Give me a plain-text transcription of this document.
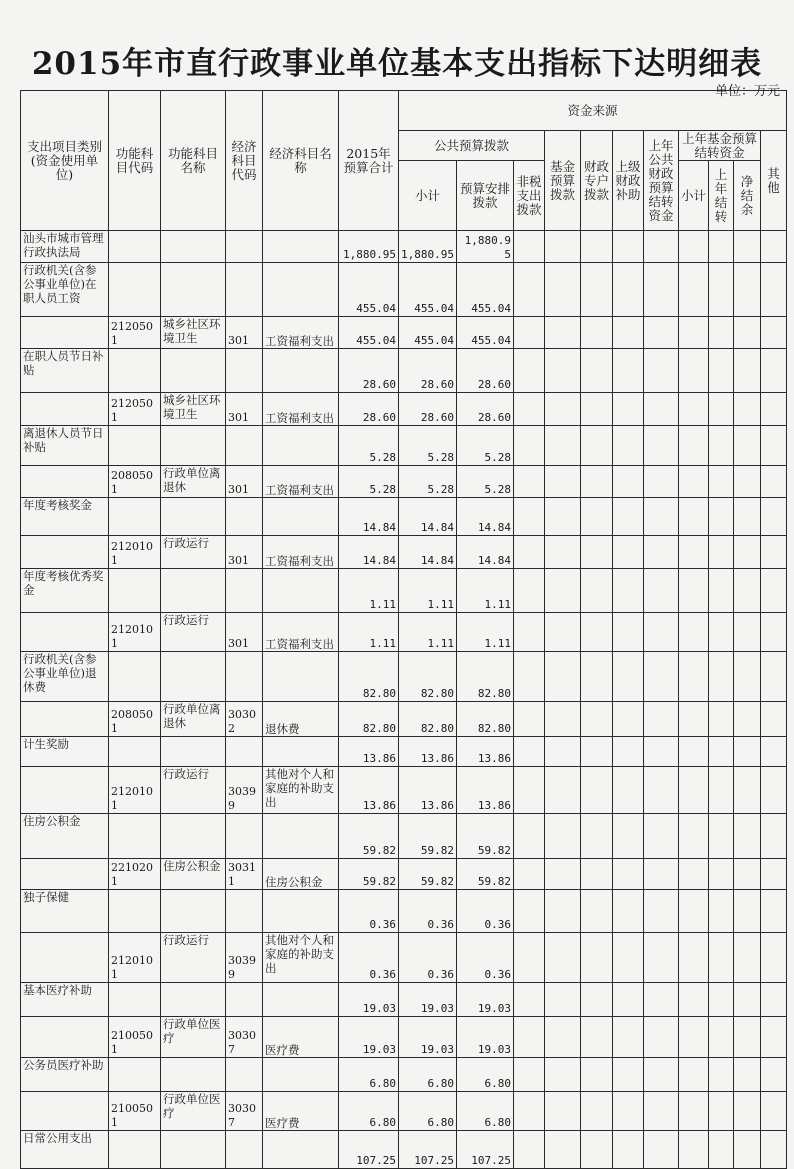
2015年市直行政事业单位基本支出指标下达明细表
单位：万元
支出项目类别(资金使用单位)	功能科目代码	功能科目名称	经济科目代码	经济科目名称	2015年预算合计	资金来源										
						公共预算拨款			基金预算拨款	财政专户拨款	上级财政补助	上年公共财政预算结转资金	上年基金预算结转资金			其他
						小计	预算安排拨款	非税支出拨款					小计	上年结转	净结余	
汕头市城市管理行政执法局					1,880.95	1,880.95	1,880.95									
行政机关(含参公事业单位)在职人员工资					455.04	455.04	455.04									
	2120501	城乡社区环境卫生	301	工资福利支出	455.04	455.04	455.04									
在职人员节日补贴					28.60	28.60	28.60									
	2120501	城乡社区环境卫生	301	工资福利支出	28.60	28.60	28.60									
离退休人员节日补贴					5.28	5.28	5.28									
	2080501	行政单位离退休	301	工资福利支出	5.28	5.28	5.28									
年度考核奖金					14.84	14.84	14.84									
	2120101	行政运行	301	工资福利支出	14.84	14.84	14.84									
年度考核优秀奖金					1.11	1.11	1.11									
	2120101	行政运行	301	工资福利支出	1.11	1.11	1.11									
行政机关(含参公事业单位)退休费					82.80	82.80	82.80									
	2080501	行政单位离退休	30302	退休费	82.80	82.80	82.80									
计生奖励					13.86	13.86	13.86									
	2120101	行政运行	30399	其他对个人和家庭的补助支出	13.86	13.86	13.86									
住房公积金					59.82	59.82	59.82									
	2210201	住房公积金	30311	住房公积金	59.82	59.82	59.82									
独子保健					0.36	0.36	0.36									
	2120101	行政运行	30399	其他对个人和家庭的补助支出	0.36	0.36	0.36									
基本医疗补助					19.03	19.03	19.03									
	2100501	行政单位医疗	30307	医疗费	19.03	19.03	19.03									
公务员医疗补助					6.80	6.80	6.80									
	2100501	行政单位医疗	30307	医疗费	6.80	6.80	6.80									
日常公用支出					107.25	107.25	107.25									
